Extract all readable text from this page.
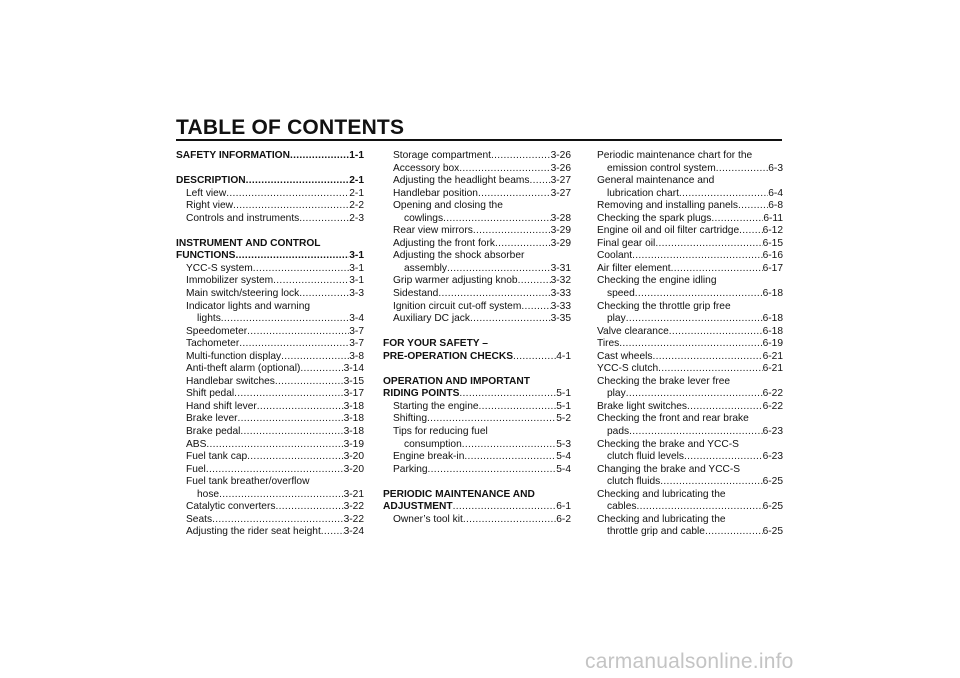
TABLE OF CONTENTS
SAFETY INFORMATION .....	1-1
DESCRIPTION .....	2-1
Left view .....	2-1
Right view .....	2-2
Controls and instruments .....	2-3
INSTRUMENT AND CONTROL
FUNCTIONS .....	3-1
YCC-S system .....	3-1
Immobilizer system .....	3-1
Main switch/steering lock .....	3-3
Indicator lights and warning
lights .....	3-4
Speedometer .....	3-7
Tachometer .....	3-7
Multi-function display .....	3-8
Anti-theft alarm (optional) .....	3-14
Handlebar switches .....	3-15
Shift pedal .....	3-17
Hand shift lever .....	3-18
Brake lever .....	3-18
Brake pedal .....	3-18
ABS .....	3-19
Fuel tank cap .....	3-20
Fuel .....	3-20
Fuel tank breather/overflow
hose .....	3-21
Catalytic converters .....	3-22
Seats .....	3-22
Adjusting the rider seat height ..... 3-24
Storage compartment .....	3-26
Accessory box .....	3-26
Adjusting the headlight beams ..... 3-27
Handlebar position .....	3-27
Opening and closing the
cowlings .....	3-28
Rear view mirrors .....	3-29
Adjusting the front fork .....	3-29
Adjusting the shock absorber
assembly .....	3-31
Grip warmer adjusting knob .....	3-32
Sidestand .....	3-33
Ignition circuit cut-off system .....	3-33
Auxiliary DC jack .....	3-35
FOR YOUR SAFETY –
PRE-OPERATION CHECKS .....	4-1
OPERATION AND IMPORTANT
RIDING POINTS .....	5-1
Starting the engine .....	5-1
Shifting .....	5-2
Tips for reducing fuel
consumption .....	5-3
Engine break-in .....	5-4
Parking .....	5-4
PERIODIC MAINTENANCE AND
ADJUSTMENT .....	6-1
Owner’s tool kit .....	6-2
Periodic maintenance chart for the
emission control system .....	6-3
General maintenance and
lubrication chart .....	6-4
Removing and installing panels .....	6-8
Checking the spark plugs .....	6-11
Engine oil and oil filter cartridge ..... 6-12
Final gear oil .....	6-15
Coolant .....	6-16
Air filter element .....	6-17
Checking the engine idling
speed .....	6-18
Checking the throttle grip free
play .....	6-18
Valve clearance .....	6-18
Tires .....	6-19
Cast wheels .....	6-21
YCC-S clutch .....	6-21
Checking the brake lever free
play .....	6-22
Brake light switches .....	6-22
Checking the front and rear brake
pads .....	6-23
Checking the brake and YCC-S
clutch fluid levels .....	6-23
Changing the brake and YCC-S
clutch fluids .....	6-25
Checking and lubricating the
cables .....	6-25
Checking and lubricating the
throttle grip and cable .....	6-25
carmanualsonline.info
